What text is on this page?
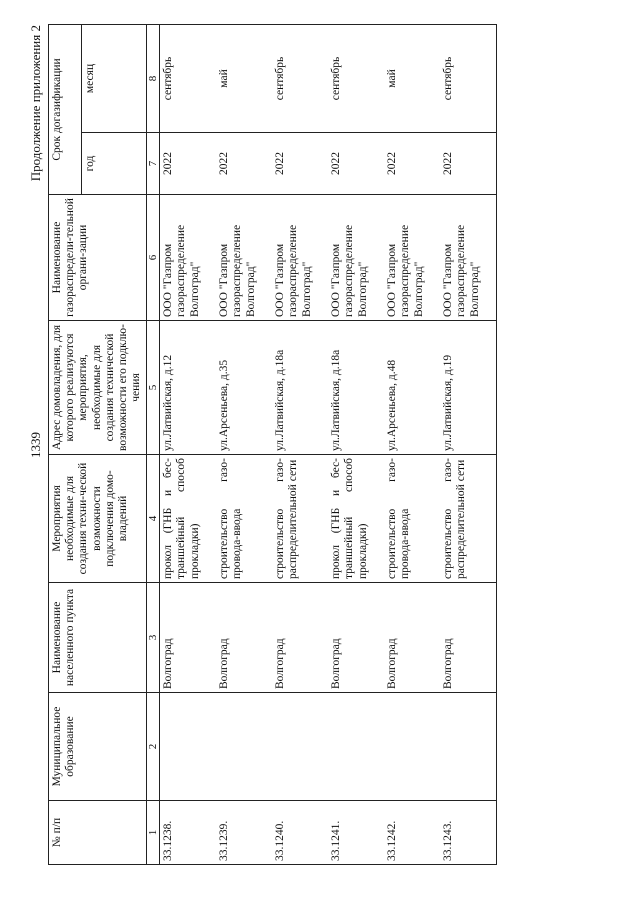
1339
Продолжение приложения 2
№ п/п	Муниципальное образование	Наименование населенного пункта	Мероприятия необходимые для создания техни-ческой возможности подключения домо-владений	Адрес домовладения, для которого реализуются мероприятия, необходимые для создания технической возможности его подклю-чения	Наименование газораспредели-тельной органи-зации	Срок догазификации	
						год	месяц
1	2	3	4	5	6	7	8
33.1238.		Волгоград	прокол (ГНБ и бес-траншейный способ прокладки)	ул.Латвийская, д.12	ООО "Газпром газораспределение Волгоград"	2022	сентябрь
33.1239.		Волгоград	строительство газо-провода-ввода	ул.Арсеньева, д.35	ООО "Газпром газораспределение Волгоград"	2022	май
33.1240.		Волгоград	строительство газо-распределительной сети	ул.Латвийская, д.18а	ООО "Газпром газораспределение Волгоград"	2022	сентябрь
33.1241.		Волгоград	прокол (ГНБ и бес-траншейный способ прокладки)	ул.Латвийская, д.18а	ООО "Газпром газораспределение Волгоград"	2022	сентябрь
33.1242.		Волгоград	строительство газо-провода-ввода	ул.Арсеньева, д.48	ООО "Газпром газораспределение Волгоград"	2022	май
33.1243.		Волгоград	строительство газо-распределительной сети	ул.Латвийская, д.19	ООО "Газпром газораспределение Волгоград"	2022	сентябрь
